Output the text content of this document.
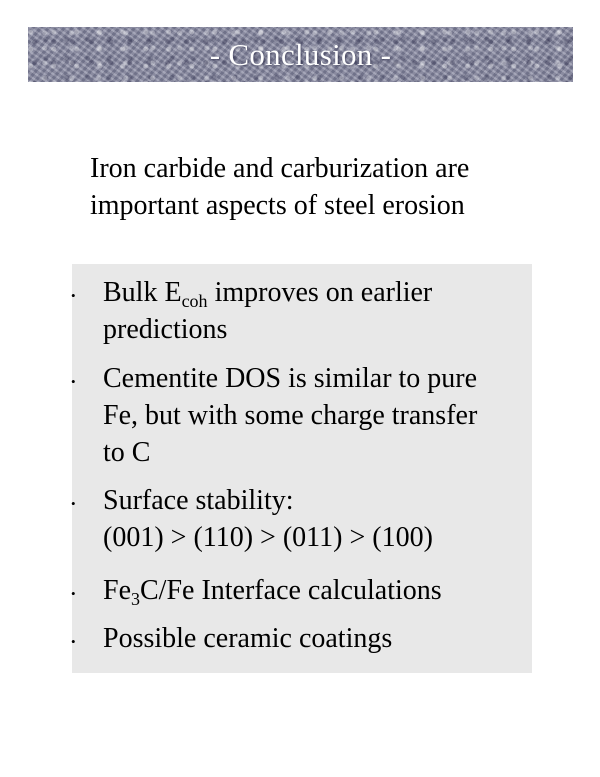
- Conclusion -
Iron carbide and carburization are
important aspects of steel erosion
• Bulk $E_{coh}$ improves on earlier
predictions
• Cementite DOS is similar to pure
Fe, but with some charge transfer
to C
• Surface stability:
(001) > (110) > (011) > (100)
• $Fe_3C/Fe$ Interface calculations
• Possible ceramic coatings
